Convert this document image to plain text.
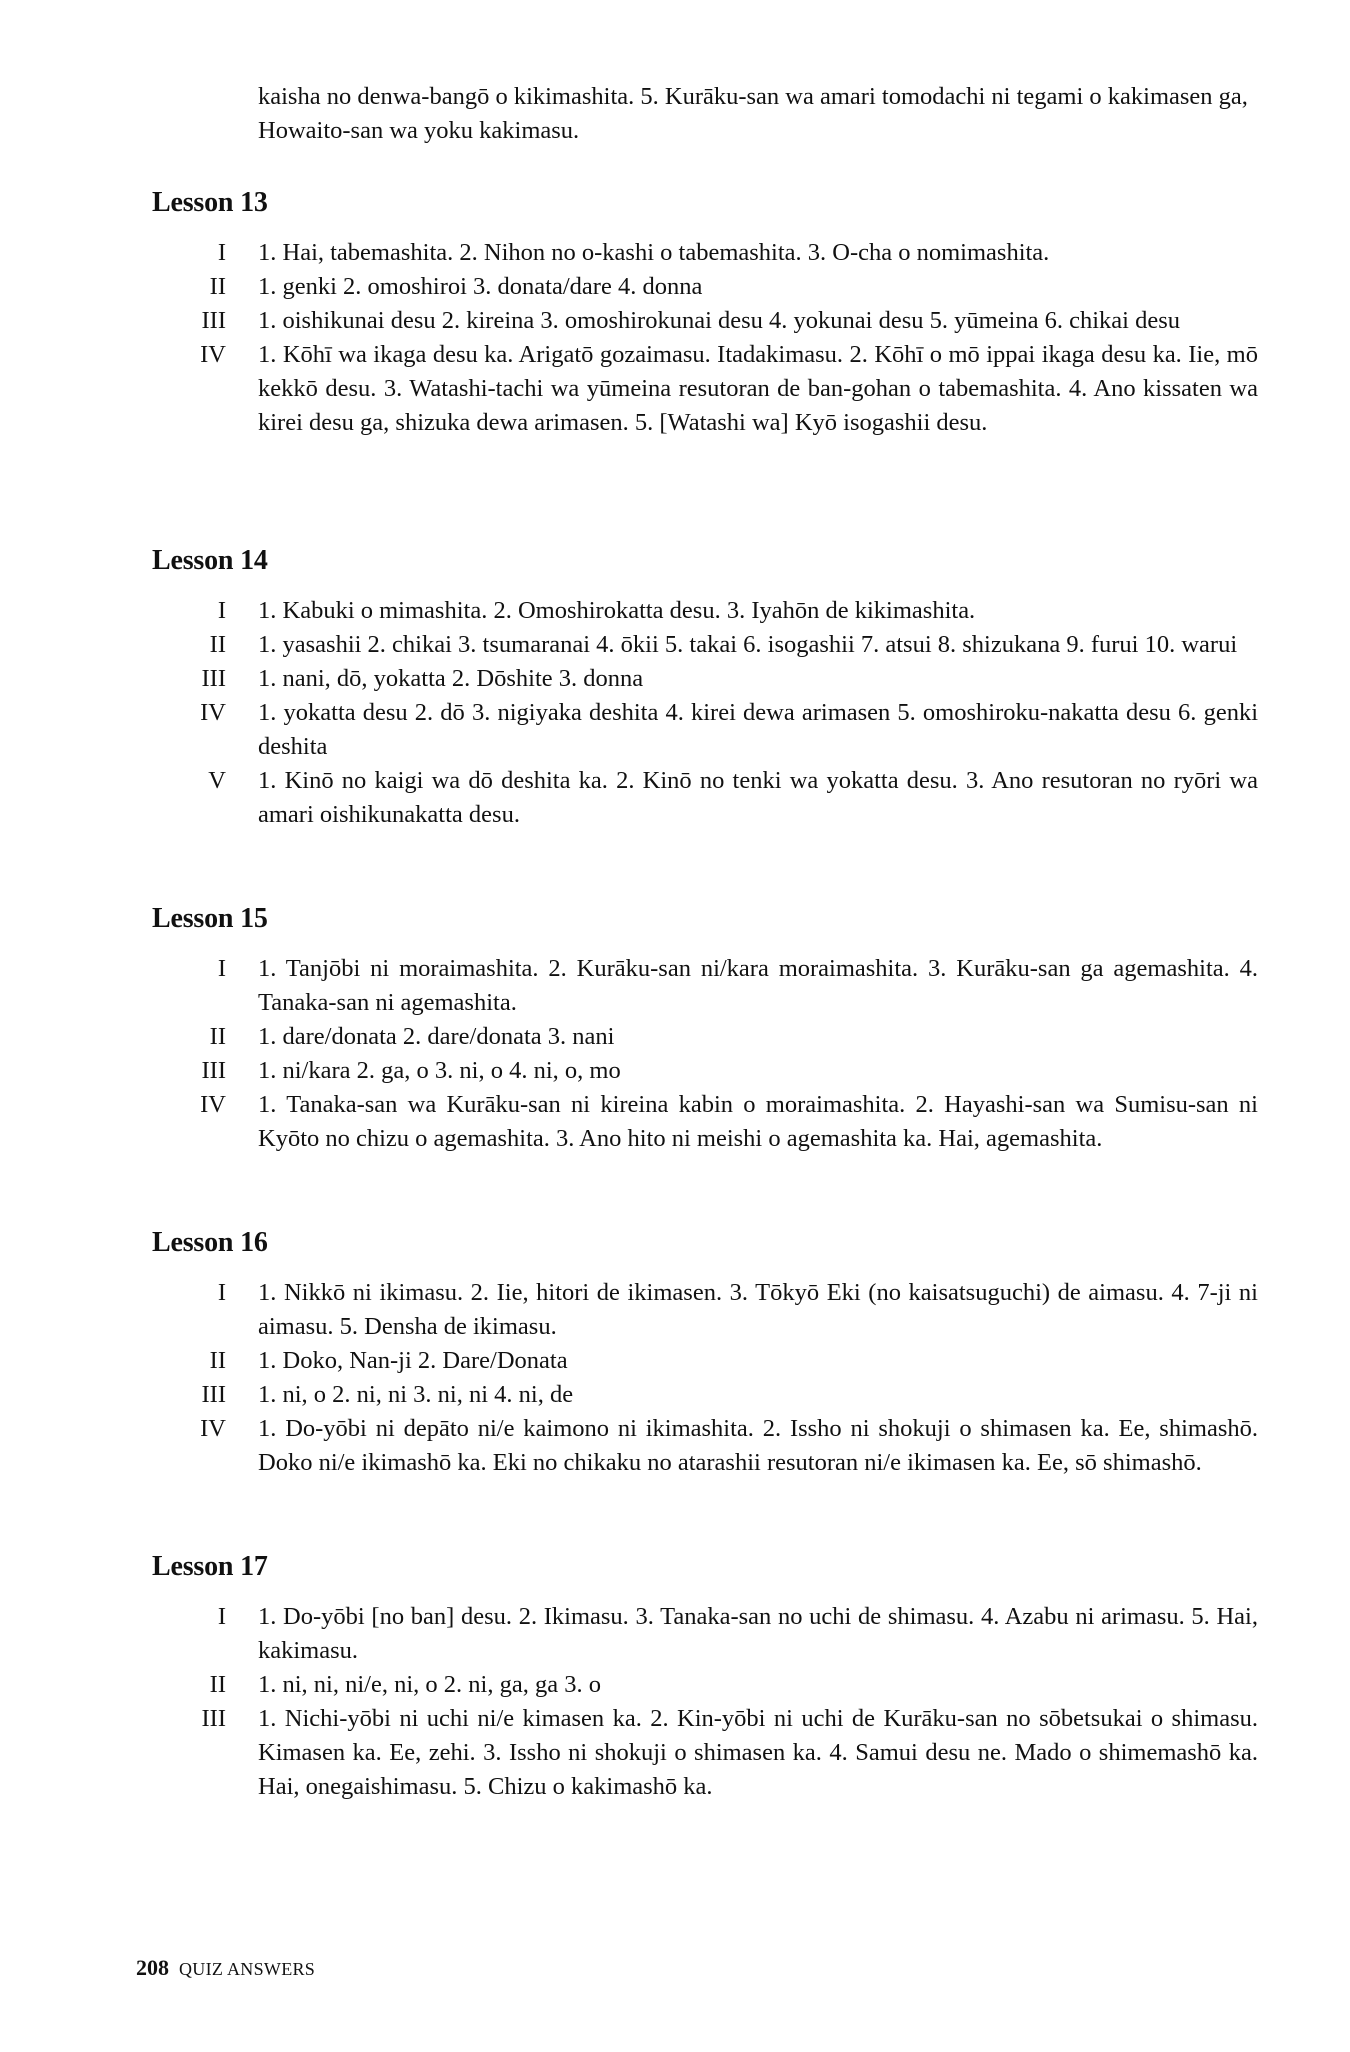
kaisha no denwa-bangō o kikimashita. 5. Kurāku-san wa amari tomodachi ni tegami o kakimasen ga, Howaito-san wa yoku kakimasu.
Lesson 13
I 1. Hai, tabemashita. 2. Nihon no o-kashi o tabemashita. 3. O-cha o nomimashita.
II 1. genki 2. omoshiroi 3. donata/dare 4. donna
III 1. oishikunai desu 2. kireina 3. omoshirokunai desu 4. yokunai desu 5. yūmeina 6. chikai desu
IV 1. Kōhī wa ikaga desu ka. Arigatō gozaimasu. Itadakimasu. 2. Kōhī o mō ippai ikaga desu ka. Iie, mō kekkō desu. 3. Watashi-tachi wa yūmeina resutoran de ban-gohan o tabemashita. 4. Ano kissaten wa kirei desu ga, shizuka dewa arimasen. 5. [Watashi wa] Kyō isogashii desu.
Lesson 14
I 1. Kabuki o mimashita. 2. Omoshirokatta desu. 3. Iyahōn de kikimashita.
II 1. yasashii 2. chikai 3. tsumaranai 4. ōkii 5. takai 6. isogashii 7. atsui 8. shizukana 9. furui 10. warui
III 1. nani, dō, yokatta 2. Dōshite 3. donna
IV 1. yokatta desu 2. dō 3. nigiyaka deshita 4. kirei dewa arimasen 5. omoshiroku-nakatta desu 6. genki deshita
V 1. Kinō no kaigi wa dō deshita ka. 2. Kinō no tenki wa yokatta desu. 3. Ano resutoran no ryōri wa amari oishikunakatta desu.
Lesson 15
I 1. Tanjōbi ni moraimashita. 2. Kurāku-san ni/kara moraimashita. 3. Kurāku-san ga agemashita. 4. Tanaka-san ni agemashita.
II 1. dare/donata 2. dare/donata 3. nani
III 1. ni/kara 2. ga, o 3. ni, o 4. ni, o, mo
IV 1. Tanaka-san wa Kurāku-san ni kireina kabin o moraimashita. 2. Hayashi-san wa Sumisu-san ni Kyōto no chizu o agemashita. 3. Ano hito ni meishi o agemashita ka. Hai, agemashita.
Lesson 16
I 1. Nikkō ni ikimasu. 2. Iie, hitori de ikimasen. 3. Tōkyō Eki (no kaisatsuguchi) de aimasu. 4. 7-ji ni aimasu. 5. Densha de ikimasu.
II 1. Doko, Nan-ji 2. Dare/Donata
III 1. ni, o 2. ni, ni 3. ni, ni 4. ni, de
IV 1. Do-yōbi ni depāto ni/e kaimono ni ikimashita. 2. Issho ni shokuji o shimasen ka. Ee, shimashō. Doko ni/e ikimashō ka. Eki no chikaku no atarashii resutoran ni/e ikimasen ka. Ee, sō shimashō.
Lesson 17
I 1. Do-yōbi [no ban] desu. 2. Ikimasu. 3. Tanaka-san no uchi de shimasu. 4. Azabu ni arimasu. 5. Hai, kakimasu.
II 1. ni, ni, ni/e, ni, o 2. ni, ga, ga 3. o
III 1. Nichi-yōbi ni uchi ni/e kimasen ka. 2. Kin-yōbi ni uchi de Kurāku-san no sōbetsukai o shimasu. Kimasen ka. Ee, zehi. 3. Issho ni shokuji o shimasen ka. 4. Samui desu ne. Mado o shimemashō ka. Hai, onegaishimasu. 5. Chizu o kakimashō ka.
208 QUIZ ANSWERS
